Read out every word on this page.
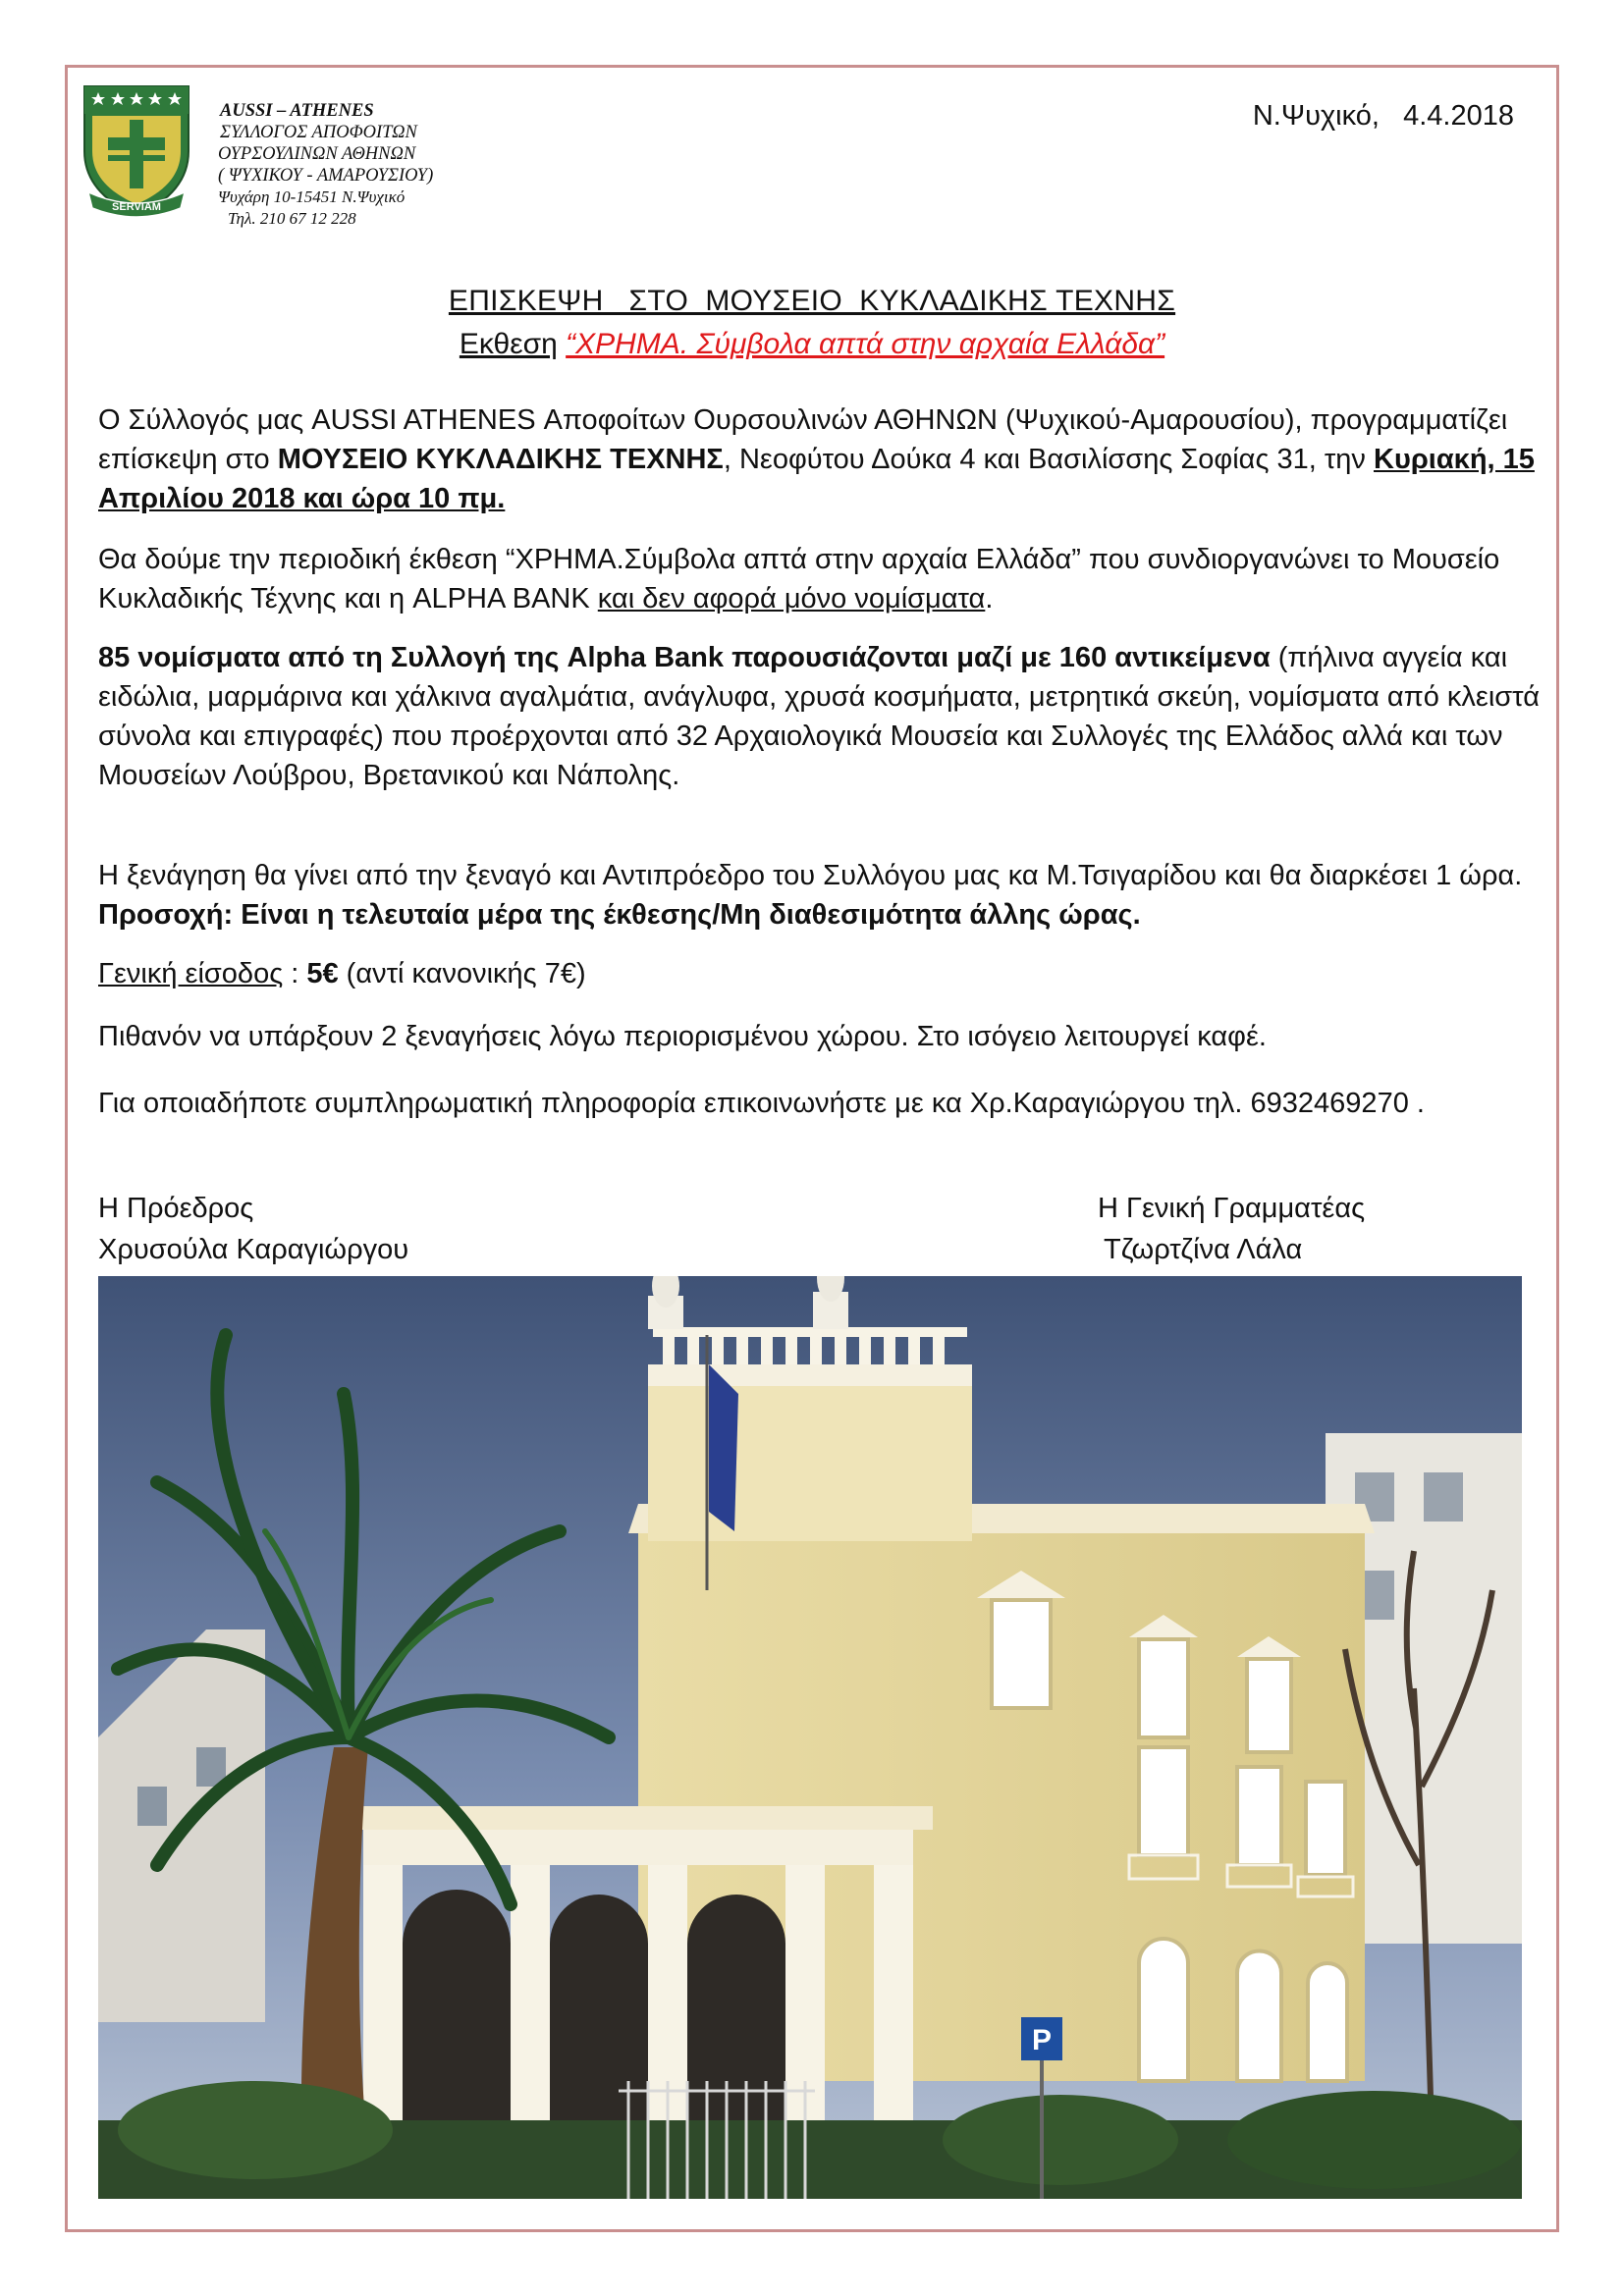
SERVIAM
AUSSI – ATHENES
ΣΥΛΛΟΓΟΣ ΑΠΟΦΟΙΤΩΝ
ΟΥΡΣΟΥΛΙΝΩΝ ΑΘΗΝΩΝ
( ΨΥΧΙΚΟΥ - ΑΜΑΡΟΥΣΙΟΥ)
Ψυχάρη 10-15451 Ν.Ψυχικό
Τηλ. 210 67 12 228
Ν.Ψυχικό,   4.4.2018
ΕΠΙΣΚΕΨΗ   ΣΤΟ  ΜΟΥΣΕΙΟ  ΚΥΚΛΑΔΙΚΗΣ ΤΕΧΝΗΣ
Εκθεση “ΧΡΗΜΑ. Σύμβολα απτά στην αρχαία Ελλάδα”
Ο Σύλλογός μας AUSSI ATHENES Αποφοίτων Ουρσουλινών ΑΘΗΝΩΝ (Ψυχικού-Αμαρουσίου), προγραμματίζει επίσκεψη στο ΜΟΥΣΕΙΟ ΚΥΚΛΑΔΙΚΗΣ ΤΕΧΝΗΣ, Νεοφύτου Δούκα 4 και Βασιλίσσης Σοφίας 31, την Κυριακή, 15 Απριλίου 2018 και ώρα 10 πμ.
Θα δούμε την περιοδική έκθεση “ΧΡΗΜΑ.Σύμβολα απτά στην αρχαία Ελλάδα” που συνδιοργανώνει το Μουσείο Κυκλαδικής Τέχνης και η ALPHA BANK και δεν αφορά μόνο νομίσματα.
85 νομίσματα από τη Συλλογή της Alpha Bank παρουσιάζονται μαζί με 160 αντικείμενα (πήλινα αγγεία και ειδώλια, μαρμάρινα και χάλκινα αγαλμάτια, ανάγλυφα, χρυσά κοσμήματα, μετρητικά σκεύη, νομίσματα από κλειστά σύνολα και επιγραφές) που προέρχονται από 32 Αρχαιολογικά Μουσεία και Συλλογές της Ελλάδος αλλά και των Μουσείων Λούβρου, Βρετανικού και Νάπολης.
Η ξενάγηση θα γίνει από την ξεναγό και Αντιπρόεδρο του Συλλόγου μας κα Μ.Τσιγαρίδου και θα διαρκέσει 1 ώρα. Προσοχή: Είναι η τελευταία μέρα της έκθεσης/Μη διαθεσιμότητα άλλης ώρας.
Γενική είσοδος : 5€ (αντί κανονικής 7€)
Πιθανόν να υπάρξουν 2 ξεναγήσεις λόγω περιορισμένου χώρου. Στο ισόγειο λειτουργεί καφέ.
Για οποιαδήποτε συμπληρωματική πληροφορία επικοινωνήστε με κα Χρ.Καραγιώργου τηλ. 6932469270 .
Η Πρόεδρος
Χρυσούλα Καραγιώργου
Η Γενική Γραμματέας
Τζωρτζίνα Λάλα
P
